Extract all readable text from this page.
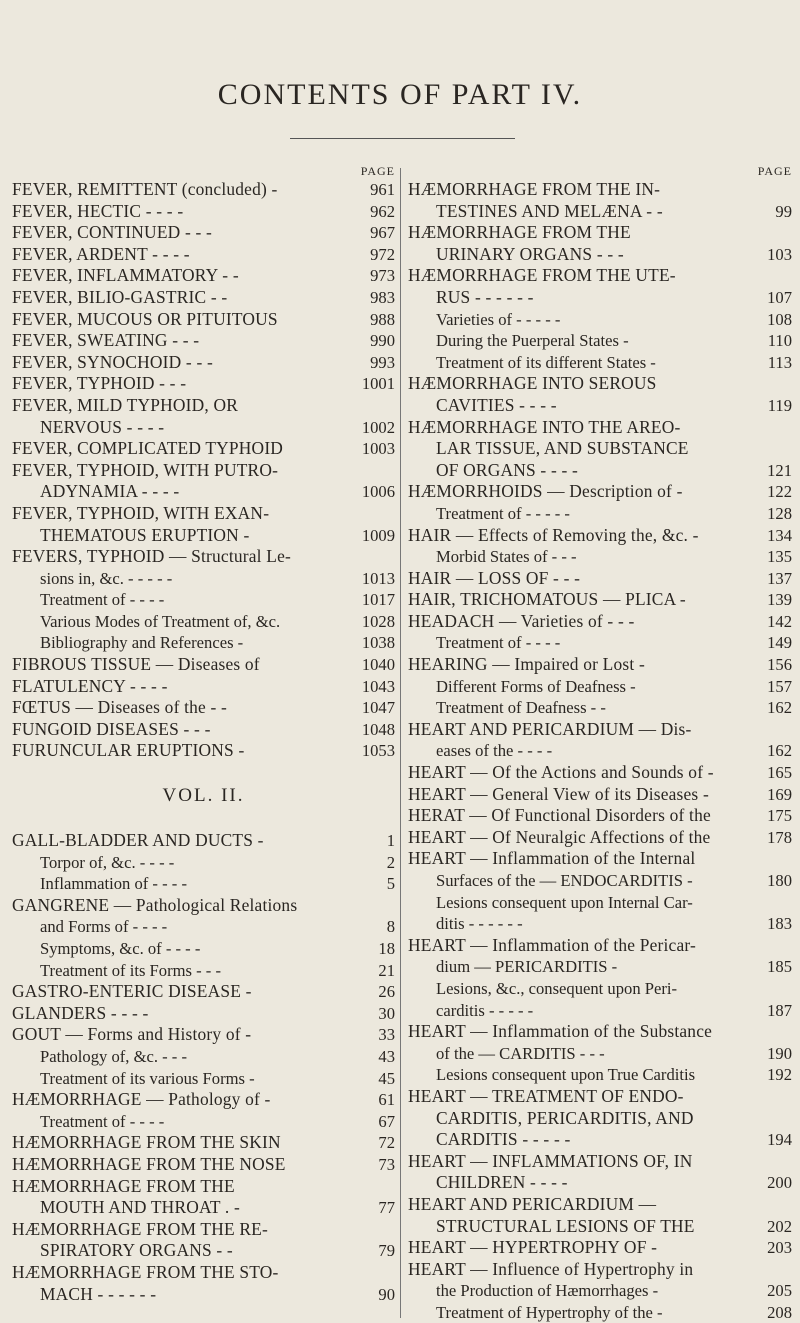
CONTENTS OF PART IV.
PAGE
FEVER, REMITTENT (concluded) -	961
FEVER, HECTIC - - - -	962
FEVER, CONTINUED - - -	967
FEVER, ARDENT - - - -	972
FEVER, INFLAMMATORY - -	973
FEVER, BILIO-GASTRIC - -	983
FEVER, MUCOUS OR PITUITOUS	988
FEVER, SWEATING - - -	990
FEVER, SYNOCHOID - - -	993
FEVER, TYPHOID - - -	1001
FEVER, MILD TYPHOID, OR
NERVOUS - - - -	1002
FEVER, COMPLICATED TYPHOID	1003
FEVER, TYPHOID, WITH PUTRO-
ADYNAMIA - - - -	1006
FEVER, TYPHOID, WITH EXAN-
THEMATOUS ERUPTION -	1009
FEVERS, TYPHOID — Structural Le-
sions in, &c. - - - - -	1013
Treatment of - - - -	1017
Various Modes of Treatment of, &c.	1028
Bibliography and References -	1038
FIBROUS TISSUE — Diseases of	1040
FLATULENCY - - - -	1043
FŒTUS — Diseases of the - -	1047
FUNGOID DISEASES - - -	1048
FURUNCULAR ERUPTIONS -	1053
VOL. II.
GALL-BLADDER AND DUCTS -	1
Torpor of, &c. - - - -	2
Inflammation of - - - -	5
GANGRENE — Pathological Relations
and Forms of - - - -	8
Symptoms, &c. of - - - -	18
Treatment of its Forms - - -	21
GASTRO-ENTERIC DISEASE -	26
GLANDERS - - - -	30
GOUT — Forms and History of -	33
Pathology of, &c. - - -	43
Treatment of its various Forms -	45
HÆMORRHAGE — Pathology of -	61
Treatment of - - - -	67
HÆMORRHAGE FROM THE SKIN	72
HÆMORRHAGE FROM THE NOSE	73
HÆMORRHAGE FROM THE
MOUTH AND THROAT . -	77
HÆMORRHAGE FROM THE RE-
SPIRATORY ORGANS - -	79
HÆMORRHAGE FROM THE STO-
MACH - - - - - -	90
PAGE
HÆMORRHAGE FROM THE IN-
TESTINES AND MELÆNA - -	99
HÆMORRHAGE FROM THE
URINARY ORGANS - - -	103
HÆMORRHAGE FROM THE UTE-
RUS - - - - - -	107
Varieties of - - - - -	108
During the Puerperal States -	110
Treatment of its different States -	113
HÆMORRHAGE INTO SEROUS
CAVITIES - - - -	119
HÆMORRHAGE INTO THE AREO-
LAR TISSUE, AND SUBSTANCE
OF ORGANS - - - -	121
HÆMORRHOIDS — Description of -	122
Treatment of - - - - -	128
HAIR — Effects of Removing the, &c. -	134
Morbid States of - - -	135
HAIR — LOSS OF - - -	137
HAIR, TRICHOMATOUS — PLICA -	139
HEADACH — Varieties of - - -	142
Treatment of - - - -	149
HEARING — Impaired or Lost -	156
Different Forms of Deafness -	157
Treatment of Deafness - -	162
HEART AND PERICARDIUM — Dis-
eases of the - - - -	162
HEART — Of the Actions and Sounds of -	165
HEART — General View of its Diseases -	169
HERAT — Of Functional Disorders of the	175
HEART — Of Neuralgic Affections of the	178
HEART — Inflammation of the Internal
Surfaces of the — ENDOCARDITIS -	180
Lesions consequent upon Internal Car-
ditis - - - - - -	183
HEART — Inflammation of the Pericar-
dium — PERICARDITIS -	185
Lesions, &c., consequent upon Peri-
carditis - - - - -	187
HEART — Inflammation of the Substance
of the — CARDITIS - - -	190
Lesions consequent upon True Carditis	192
HEART — TREATMENT OF ENDO-
CARDITIS, PERICARDITIS, AND
CARDITIS - - - - -	194
HEART — INFLAMMATIONS OF, IN
CHILDREN - - - -	200
HEART AND PERICARDIUM —
STRUCTURAL LESIONS OF THE	202
HEART — HYPERTROPHY OF -	203
HEART — Influence of Hypertrophy in
the Production of Hæmorrhages -	205
Treatment of Hypertrophy of the -	208
